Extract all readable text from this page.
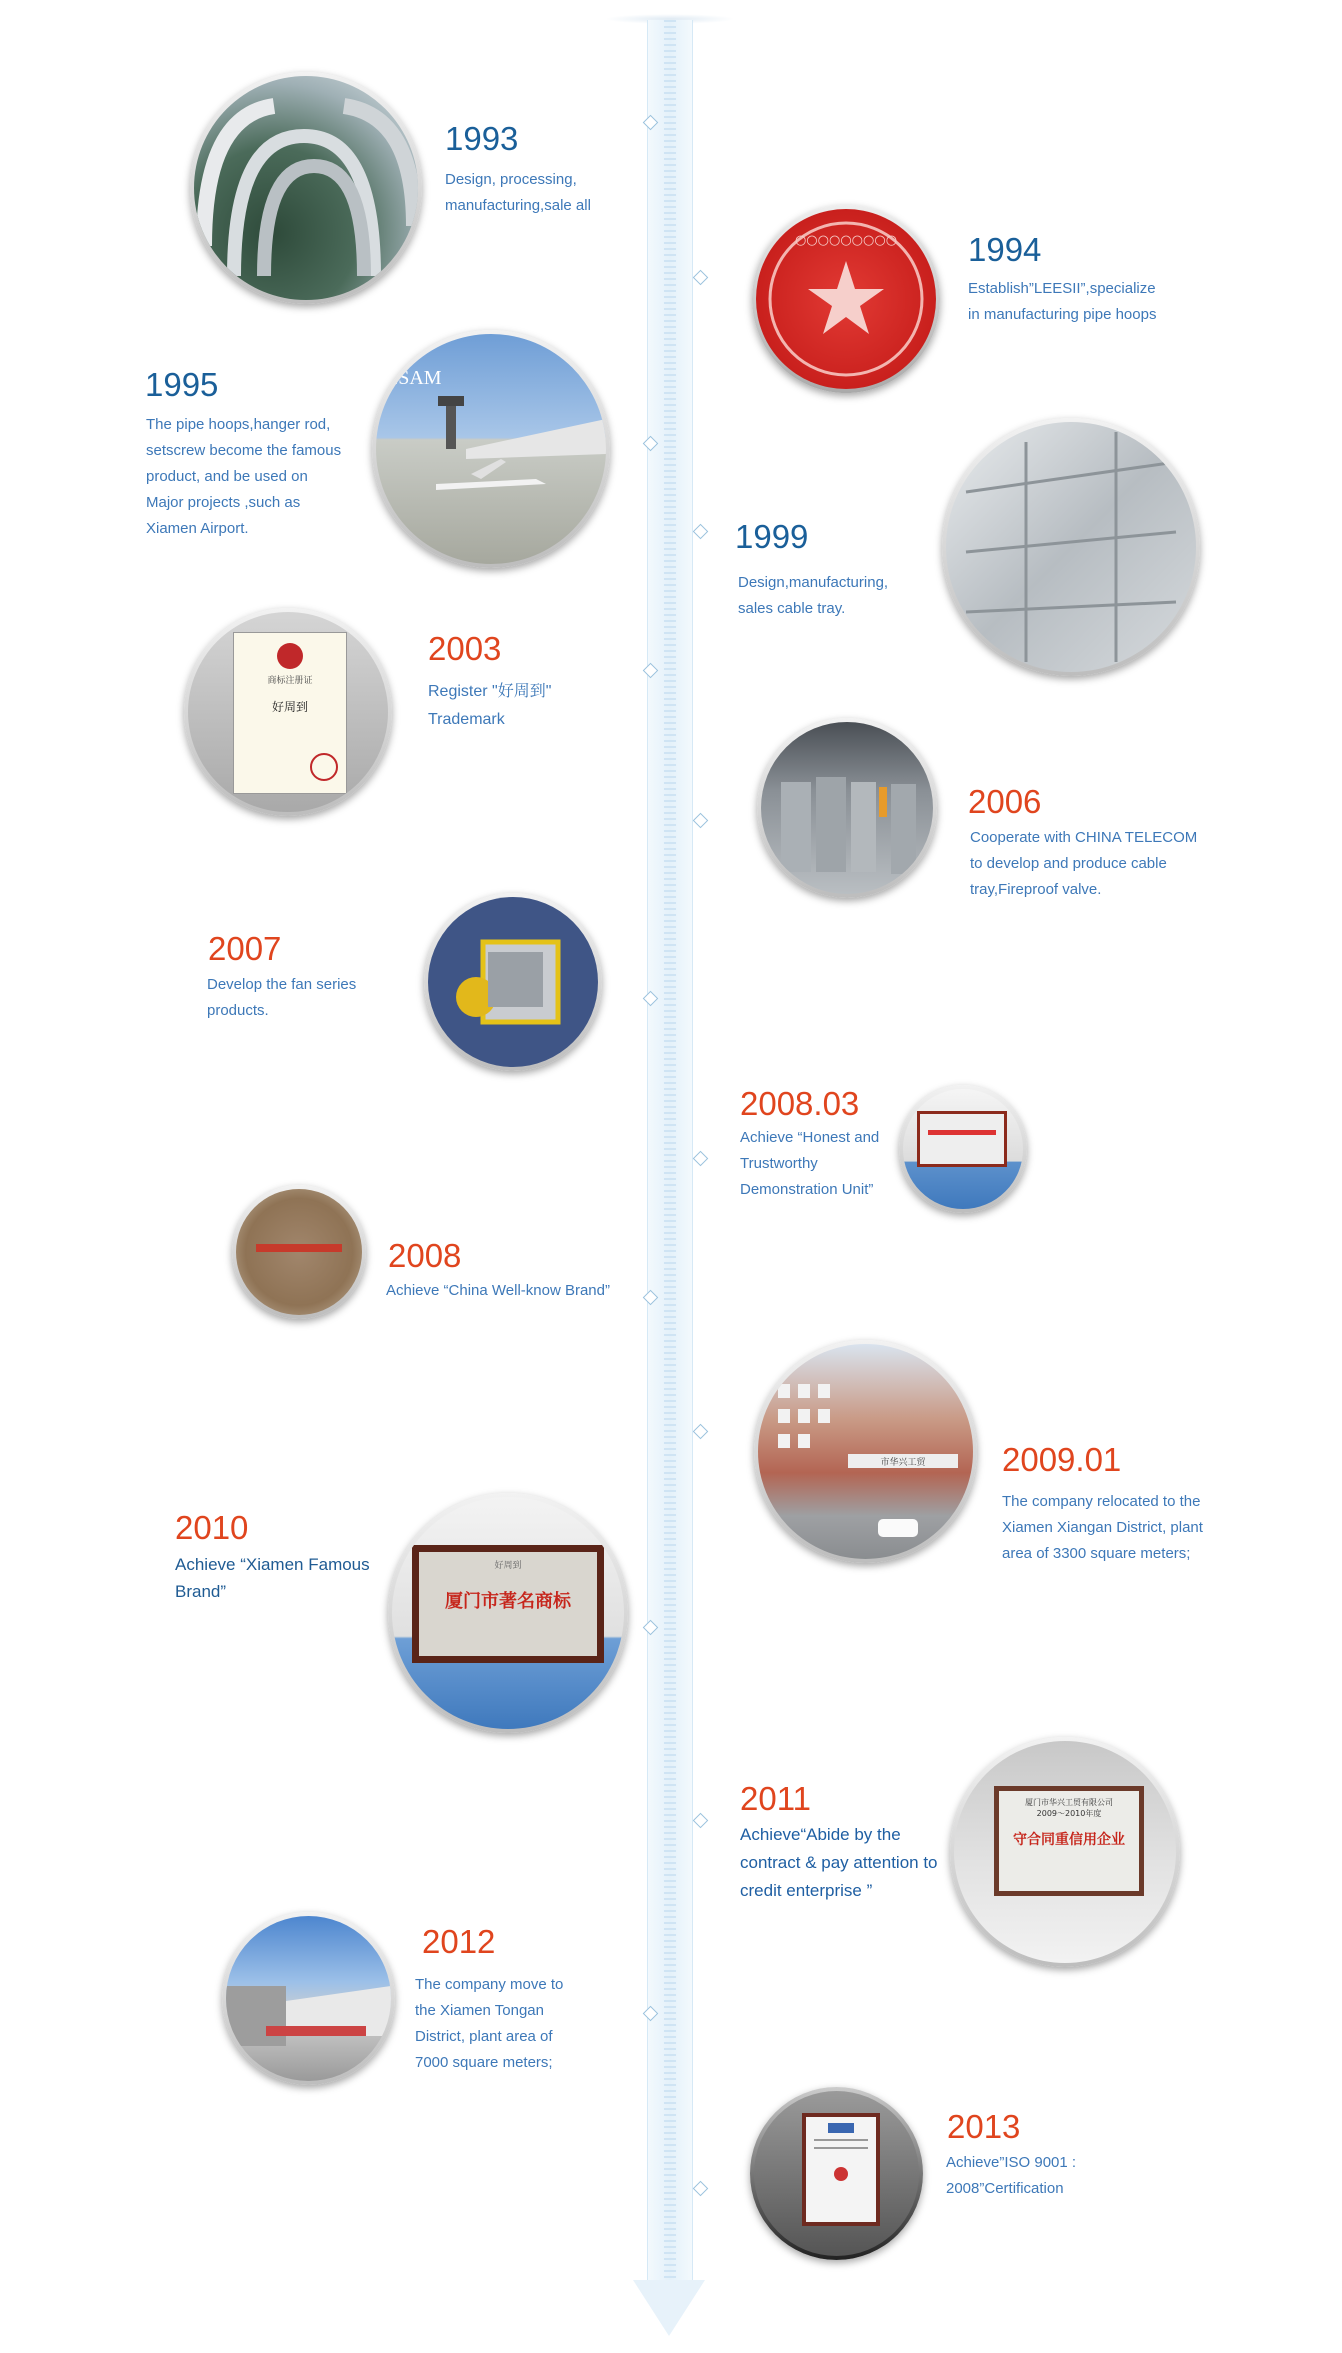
1993
Design, processing,
manufacturing,sale all
○○○○○○○○○ 1994
Establish”LEESII”,specialize
in manufacturing pipe hoops
1995
The pipe hoops,hanger rod,
setscrew become the famous
product, and be used on
Major projects ,such as
Xiamen Airport.
ZSAM
1999
Design,manufacturing,
sales cable tray.
商标注册证
好周到
2003
Register "好周到"
Trademark
2006
Cooperate with CHINA TELECOM
to develop and produce cable
tray,Fireproof valve.
2007
Develop the fan series
products.
2008.03
Achieve “Honest and
Trustworthy
Demonstration Unit”
2008
Achieve “China Well-know Brand”
市华兴工贸 2009.01
The company relocated to the
Xiamen Xiangan District, plant
area of 3300 square meters;
2010
Achieve “Xiamen Famous
Brand”
好周到
厦门市著名商标
2011
Achieve“Abide by the
contract & pay attention to
credit enterprise ”
厦门市华兴工贸有限公司
2009～2010年度
守合同重信用企业
2012
The company move to
the Xiamen Tongan
District, plant area of
7000 square meters;
2013
Achieve”ISO 9001 :
2008”Certification
